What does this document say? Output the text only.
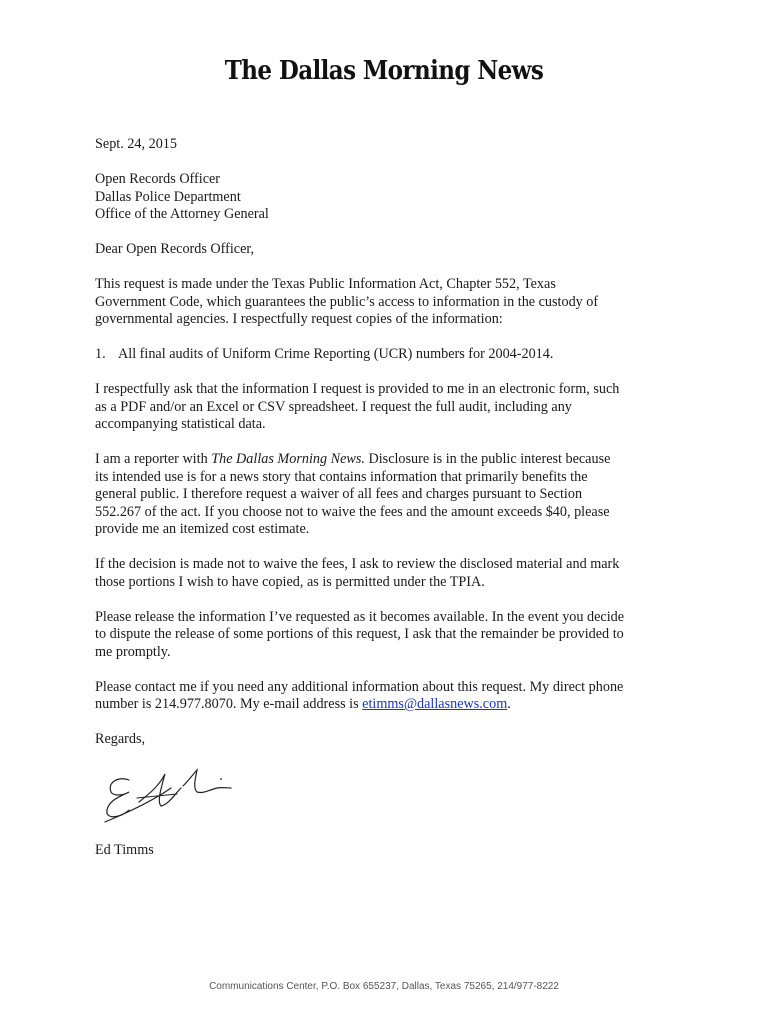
The Dallas Morning News

Sept. 24, 2015

Open Records Officer
Dallas Police Department
Office of the Attorney General

Dear Open Records Officer,

This request is made under the Texas Public Information Act, Chapter 552, Texas
Government Code, which guarantees the public’s access to information in the custody of
governmental agencies. I respectfully request copies of the information:

1. All final audits of Uniform Crime Reporting (UCR) numbers for 2004-2014.

I respectfully ask that the information I request is provided to me in an electronic form, such
as a PDF and/or an Excel or CSV spreadsheet. I request the full audit, including any
accompanying statistical data.

I am a reporter with The Dallas Morning News. Disclosure is in the public interest because
its intended use is for a news story that contains information that primarily benefits the
general public. I therefore request a waiver of all fees and charges pursuant to Section
552.267 of the act. If you choose not to waive the fees and the amount exceeds $40, please
provide me an itemized cost estimate.

If the decision is made not to waive the fees, I ask to review the disclosed material and mark
those portions I wish to have copied, as is permitted under the TPIA.

Please release the information I’ve requested as it becomes available. In the event you decide
to dispute the release of some portions of this request, I ask that the remainder be provided to
me promptly.

Please contact me if you need any additional information about this request. My direct phone
number is 214.977.8070. My e-mail address is etimms@dallasnews.com.

Regards,

Ed Timms

Communications Center, P.O. Box 655237, Dallas, Texas 75265, 214/977-8222
